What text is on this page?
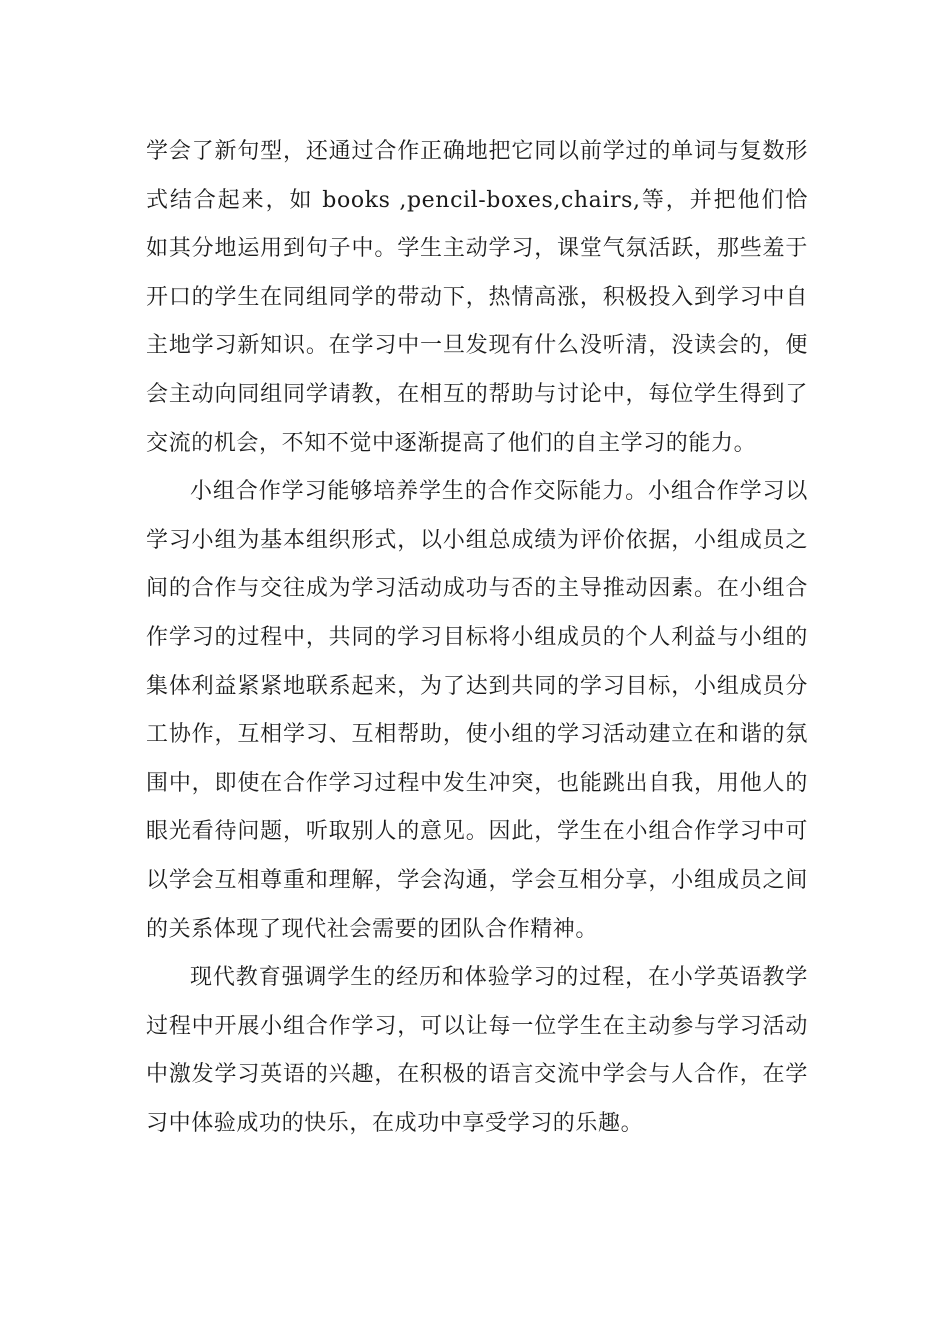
学会了新句型，还通过合作正确地把它同以前学过的单词与复数形式结合起来，如 books ,pencil-boxes,chairs,等，并把他们恰如其分地运用到句子中。学生主动学习，课堂气氛活跃，那些羞于开口的学生在同组同学的带动下，热情高涨，积极投入到学习中自主地学习新知识。在学习中一旦发现有什么没听清，没读会的，便会主动向同组同学请教，在相互的帮助与讨论中，每位学生得到了交流的机会，不知不觉中逐渐提高了他们的自主学习的能力。

小组合作学习能够培养学生的合作交际能力。小组合作学习以学习小组为基本组织形式，以小组总成绩为评价依据，小组成员之间的合作与交往成为学习活动成功与否的主导推动因素。在小组合作学习的过程中，共同的学习目标将小组成员的个人利益与小组的集体利益紧紧地联系起来，为了达到共同的学习目标，小组成员分工协作，互相学习、互相帮助，使小组的学习活动建立在和谐的氛围中，即使在合作学习过程中发生冲突，也能跳出自我，用他人的眼光看待问题，听取别人的意见。因此，学生在小组合作学习中可以学会互相尊重和理解，学会沟通，学会互相分享，小组成员之间的关系体现了现代社会需要的团队合作精神。

现代教育强调学生的经历和体验学习的过程，在小学英语教学过程中开展小组合作学习，可以让每一位学生在主动参与学习活动中激发学习英语的兴趣，在积极的语言交流中学会与人合作，在学习中体验成功的快乐，在成功中享受学习的乐趣。
